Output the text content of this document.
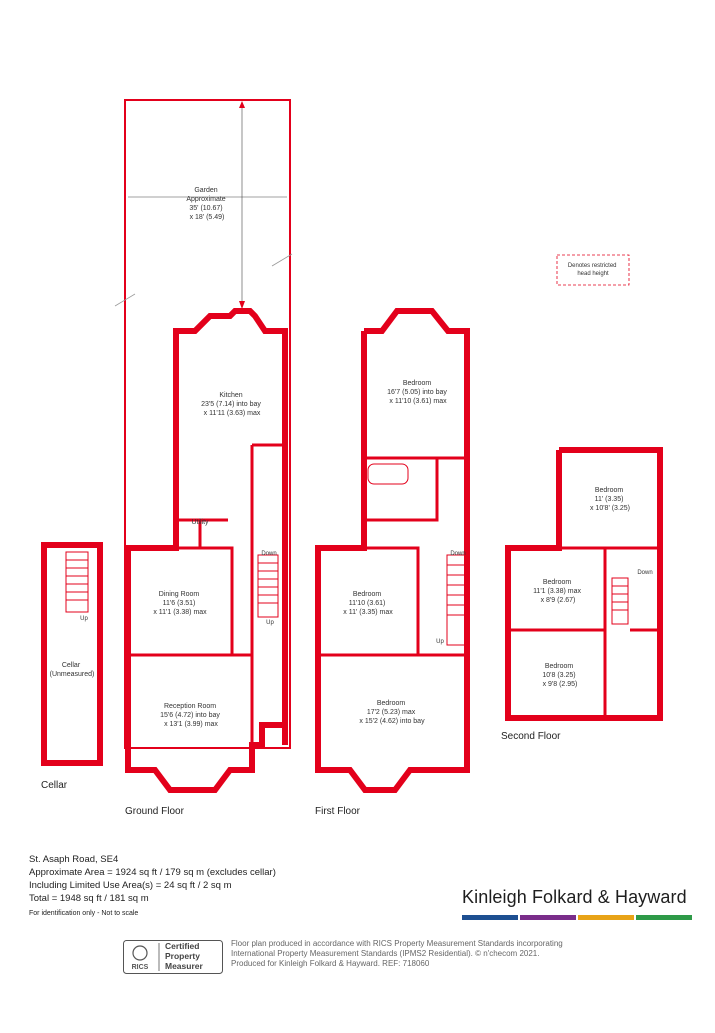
Garden Approximate 35' (10.67) x 18' (5.49)
Kitchen 23'5 (7.14) into bay x 11'11 (3.63) max
Utility
Dining Room 11'6 (3.51) x 11'1 (3.38) max
Reception Room 15'6 (4.72) into bay x 13'1 (3.99) max
Cellar (Unmeasured)
Bedroom 16'7 (5.05) into bay x 11'10 (3.61) max
Bedroom 11'10 (3.61) x 11' (3.35) max
Bedroom 17'2 (5.23) max x 15'2 (4.62) into bay
Bedroom 11' (3.35) x 10'8' (3.25)
Bedroom 11'1 (3.38) max x 8'9 (2.67)
Bedroom 10'8 (3.25) x 9'8 (2.95)
Down
Up
Up
Down
Up
Down
Denotes restricted head height
Cellar
Ground Floor	First Floor
Second Floor
St. Asaph Road, SE4
Approximate Area = 1924 sq ft / 179 sq m (excludes cellar)
Including Limited Use Area(s) = 24 sq ft / 2 sq m
Total = 1948 sq ft / 181 sq m
For identification only - Not to scale
Kinleigh Folkard & Hayward
RICS
Certified
Property
Measurer
Floor plan produced in accordance with RICS Property Measurement Standards incorporating
International Property Measurement Standards (IPMS2 Residential). © n'checom 2021.
Produced for Kinleigh Folkard & Hayward. REF: 718060
